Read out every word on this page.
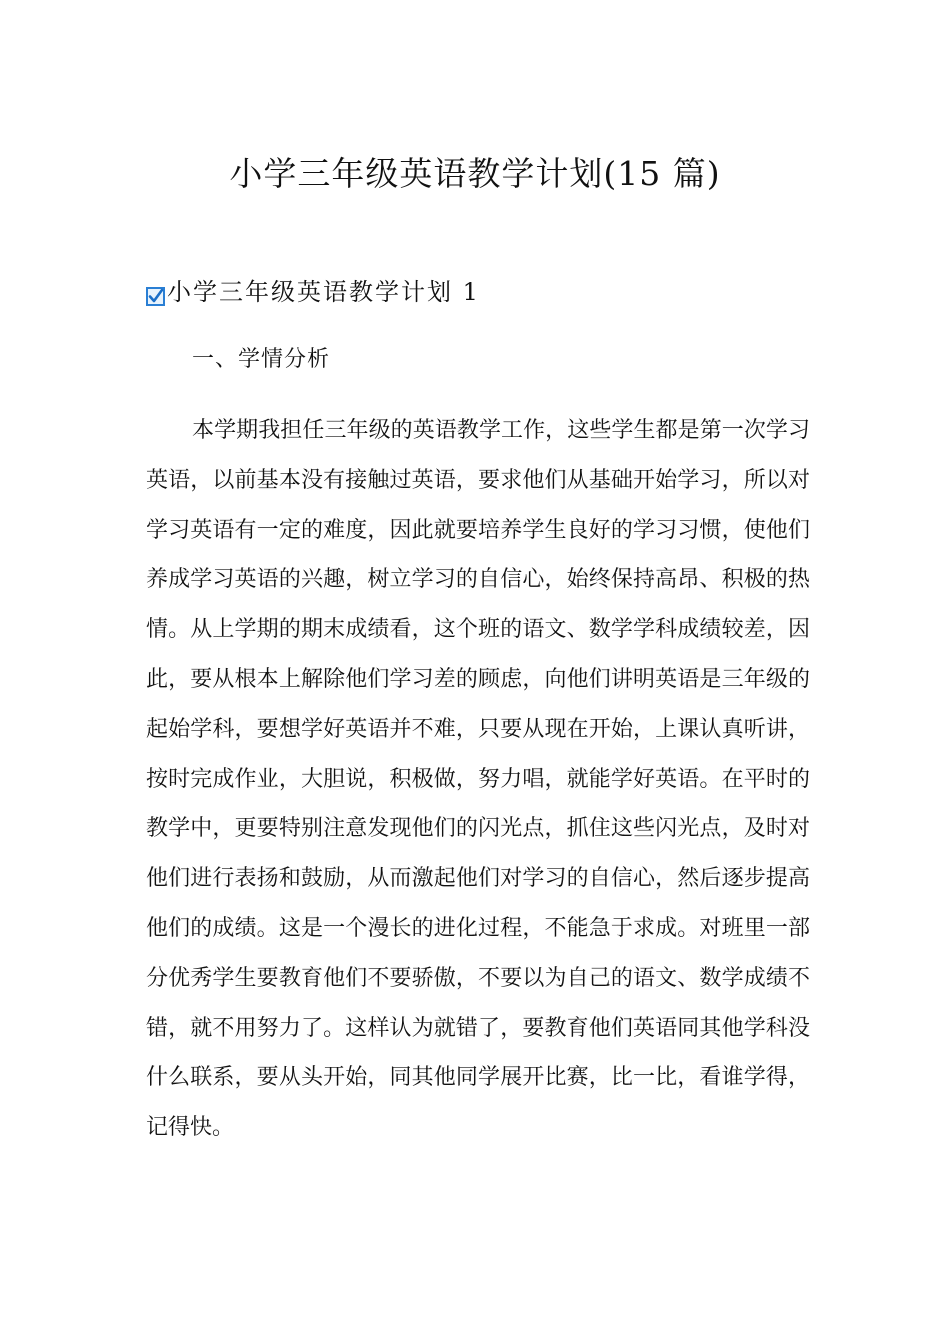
小学三年级英语教学计划(15 篇)
小学三年级英语教学计划 1
一、学情分析

本学期我担任三年级的英语教学工作，这些学生都是第一次学习英语，以前基本没有接触过英语，要求他们从基础开始学习，所以对学习英语有一定的难度，因此就要培养学生良好的学习习惯，使他们养成学习英语的兴趣，树立学习的自信心，始终保持高昂、积极的热情。从上学期的期末成绩看，这个班的语文、数学学科成绩较差，因此，要从根本上解除他们学习差的顾虑，向他们讲明英语是三年级的起始学科，要想学好英语并不难，只要从现在开始，上课认真听讲，按时完成作业，大胆说，积极做，努力唱，就能学好英语。在平时的教学中，更要特别注意发现他们的闪光点，抓住这些闪光点，及时对他们进行表扬和鼓励，从而激起他们对学习的自信心，然后逐步提高他们的成绩。这是一个漫长的进化过程，不能急于求成。对班里一部分优秀学生要教育他们不要骄傲，不要以为自己的语文、数学成绩不错，就不用努力了。这样认为就错了，要教育他们英语同其他学科没什么联系，要从头开始，同其他同学展开比赛，比一比，看谁学得，记得快。
